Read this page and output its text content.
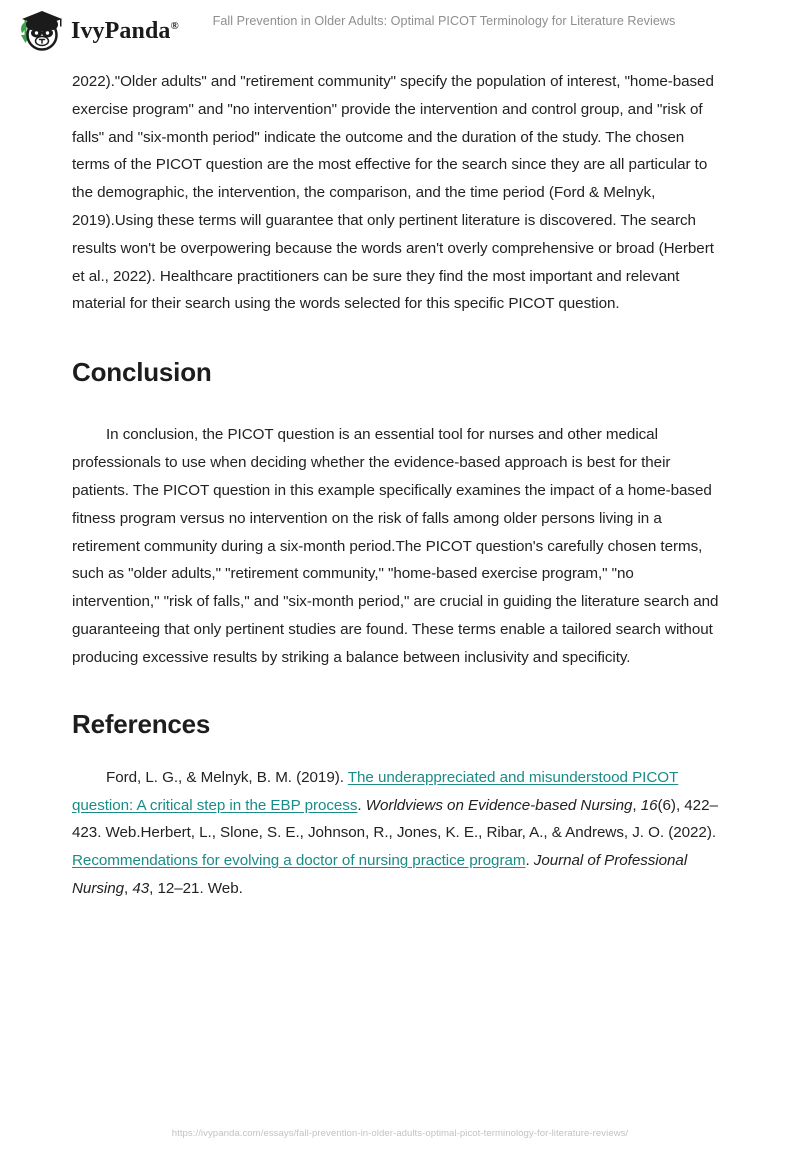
IvyPanda®	Fall Prevention in Older Adults: Optimal PICOT Terminology for Literature Reviews

2022)."Older adults" and "retirement community" specify the population of interest, "home-based exercise program" and "no intervention" provide the intervention and control group, and "risk of falls" and "six-month period" indicate the outcome and the duration of the study. The chosen terms of the PICOT question are the most effective for the search since they are all particular to the demographic, the intervention, the comparison, and the time period (Ford & Melnyk, 2019).Using these terms will guarantee that only pertinent literature is discovered. The search results won't be overpowering because the words aren't overly comprehensive or broad (Herbert et al., 2022). Healthcare practitioners can be sure they find the most important and relevant material for their search using the words selected for this specific PICOT question.

Conclusion

In conclusion, the PICOT question is an essential tool for nurses and other medical professionals to use when deciding whether the evidence-based approach is best for their patients. The PICOT question in this example specifically examines the impact of a home-based fitness program versus no intervention on the risk of falls among older persons living in a retirement community during a six-month period.The PICOT question's carefully chosen terms, such as "older adults," "retirement community," "home-based exercise program," "no intervention," "risk of falls," and "six-month period," are crucial in guiding the literature search and guaranteeing that only pertinent studies are found. These terms enable a tailored search without producing excessive results by striking a balance between inclusivity and specificity.

References

Ford, L. G., & Melnyk, B. M. (2019). The underappreciated and misunderstood PICOT question: A critical step in the EBP process. Worldviews on Evidence-based Nursing, 16(6), 422–423. Web.Herbert, L., Slone, S. E., Johnson, R., Jones, K. E., Ribar, A., & Andrews, J. O. (2022). Recommendations for evolving a doctor of nursing practice program. Journal of Professional Nursing, 43, 12–21. Web.

https://ivypanda.com/essays/fall-prevention-in-older-adults-optimal-picot-terminology-for-literature-reviews/
